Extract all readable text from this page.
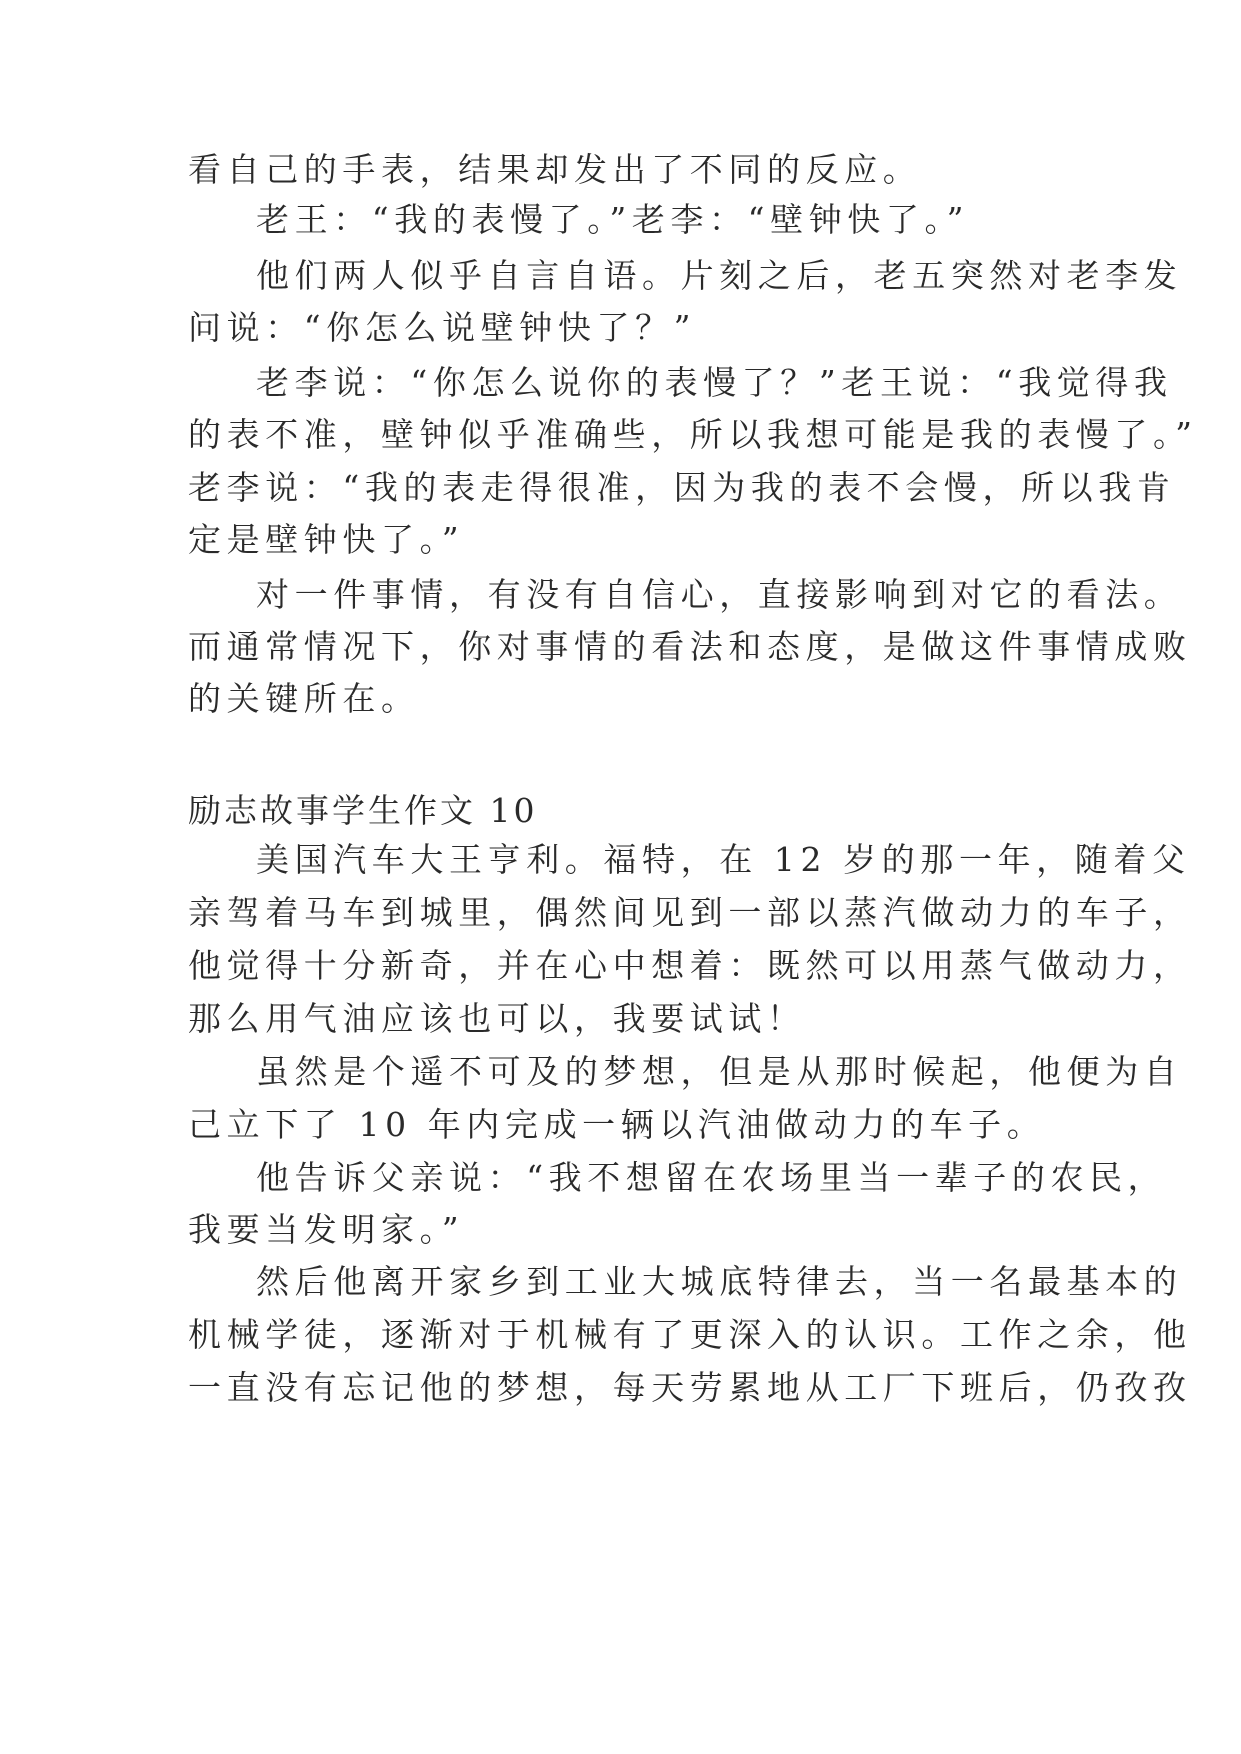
看自己的手表，结果却发出了不同的反应。
老王：“我的表慢了。”老李：“壁钟快了。”
他们两人似乎自言自语。片刻之后，老五突然对老李发
问说：“你怎么说壁钟快了？”
老李说：“你怎么说你的表慢了？”老王说：“我觉得我
的表不准，壁钟似乎准确些，所以我想可能是我的表慢了。”
老李说：“我的表走得很准，因为我的表不会慢，所以我肯
定是壁钟快了。”
对一件事情，有没有自信心，直接影响到对它的看法。
而通常情况下，你对事情的看法和态度，是做这件事情成败
的关键所在。
励志故事学生作文 10
美国汽车大王亨利。福特，在 12 岁的那一年，随着父
亲驾着马车到城里，偶然间见到一部以蒸汽做动力的车子，
他觉得十分新奇，并在心中想着：既然可以用蒸气做动力，
那么用气油应该也可以，我要试试！
虽然是个遥不可及的梦想，但是从那时候起，他便为自
己立下了 10 年内完成一辆以汽油做动力的车子。
他告诉父亲说：“我不想留在农场里当一辈子的农民，
我要当发明家。”
然后他离开家乡到工业大城底特律去，当一名最基本的
机械学徒，逐渐对于机械有了更深入的认识。工作之余，他
一直没有忘记他的梦想，每天劳累地从工厂下班后，仍孜孜
